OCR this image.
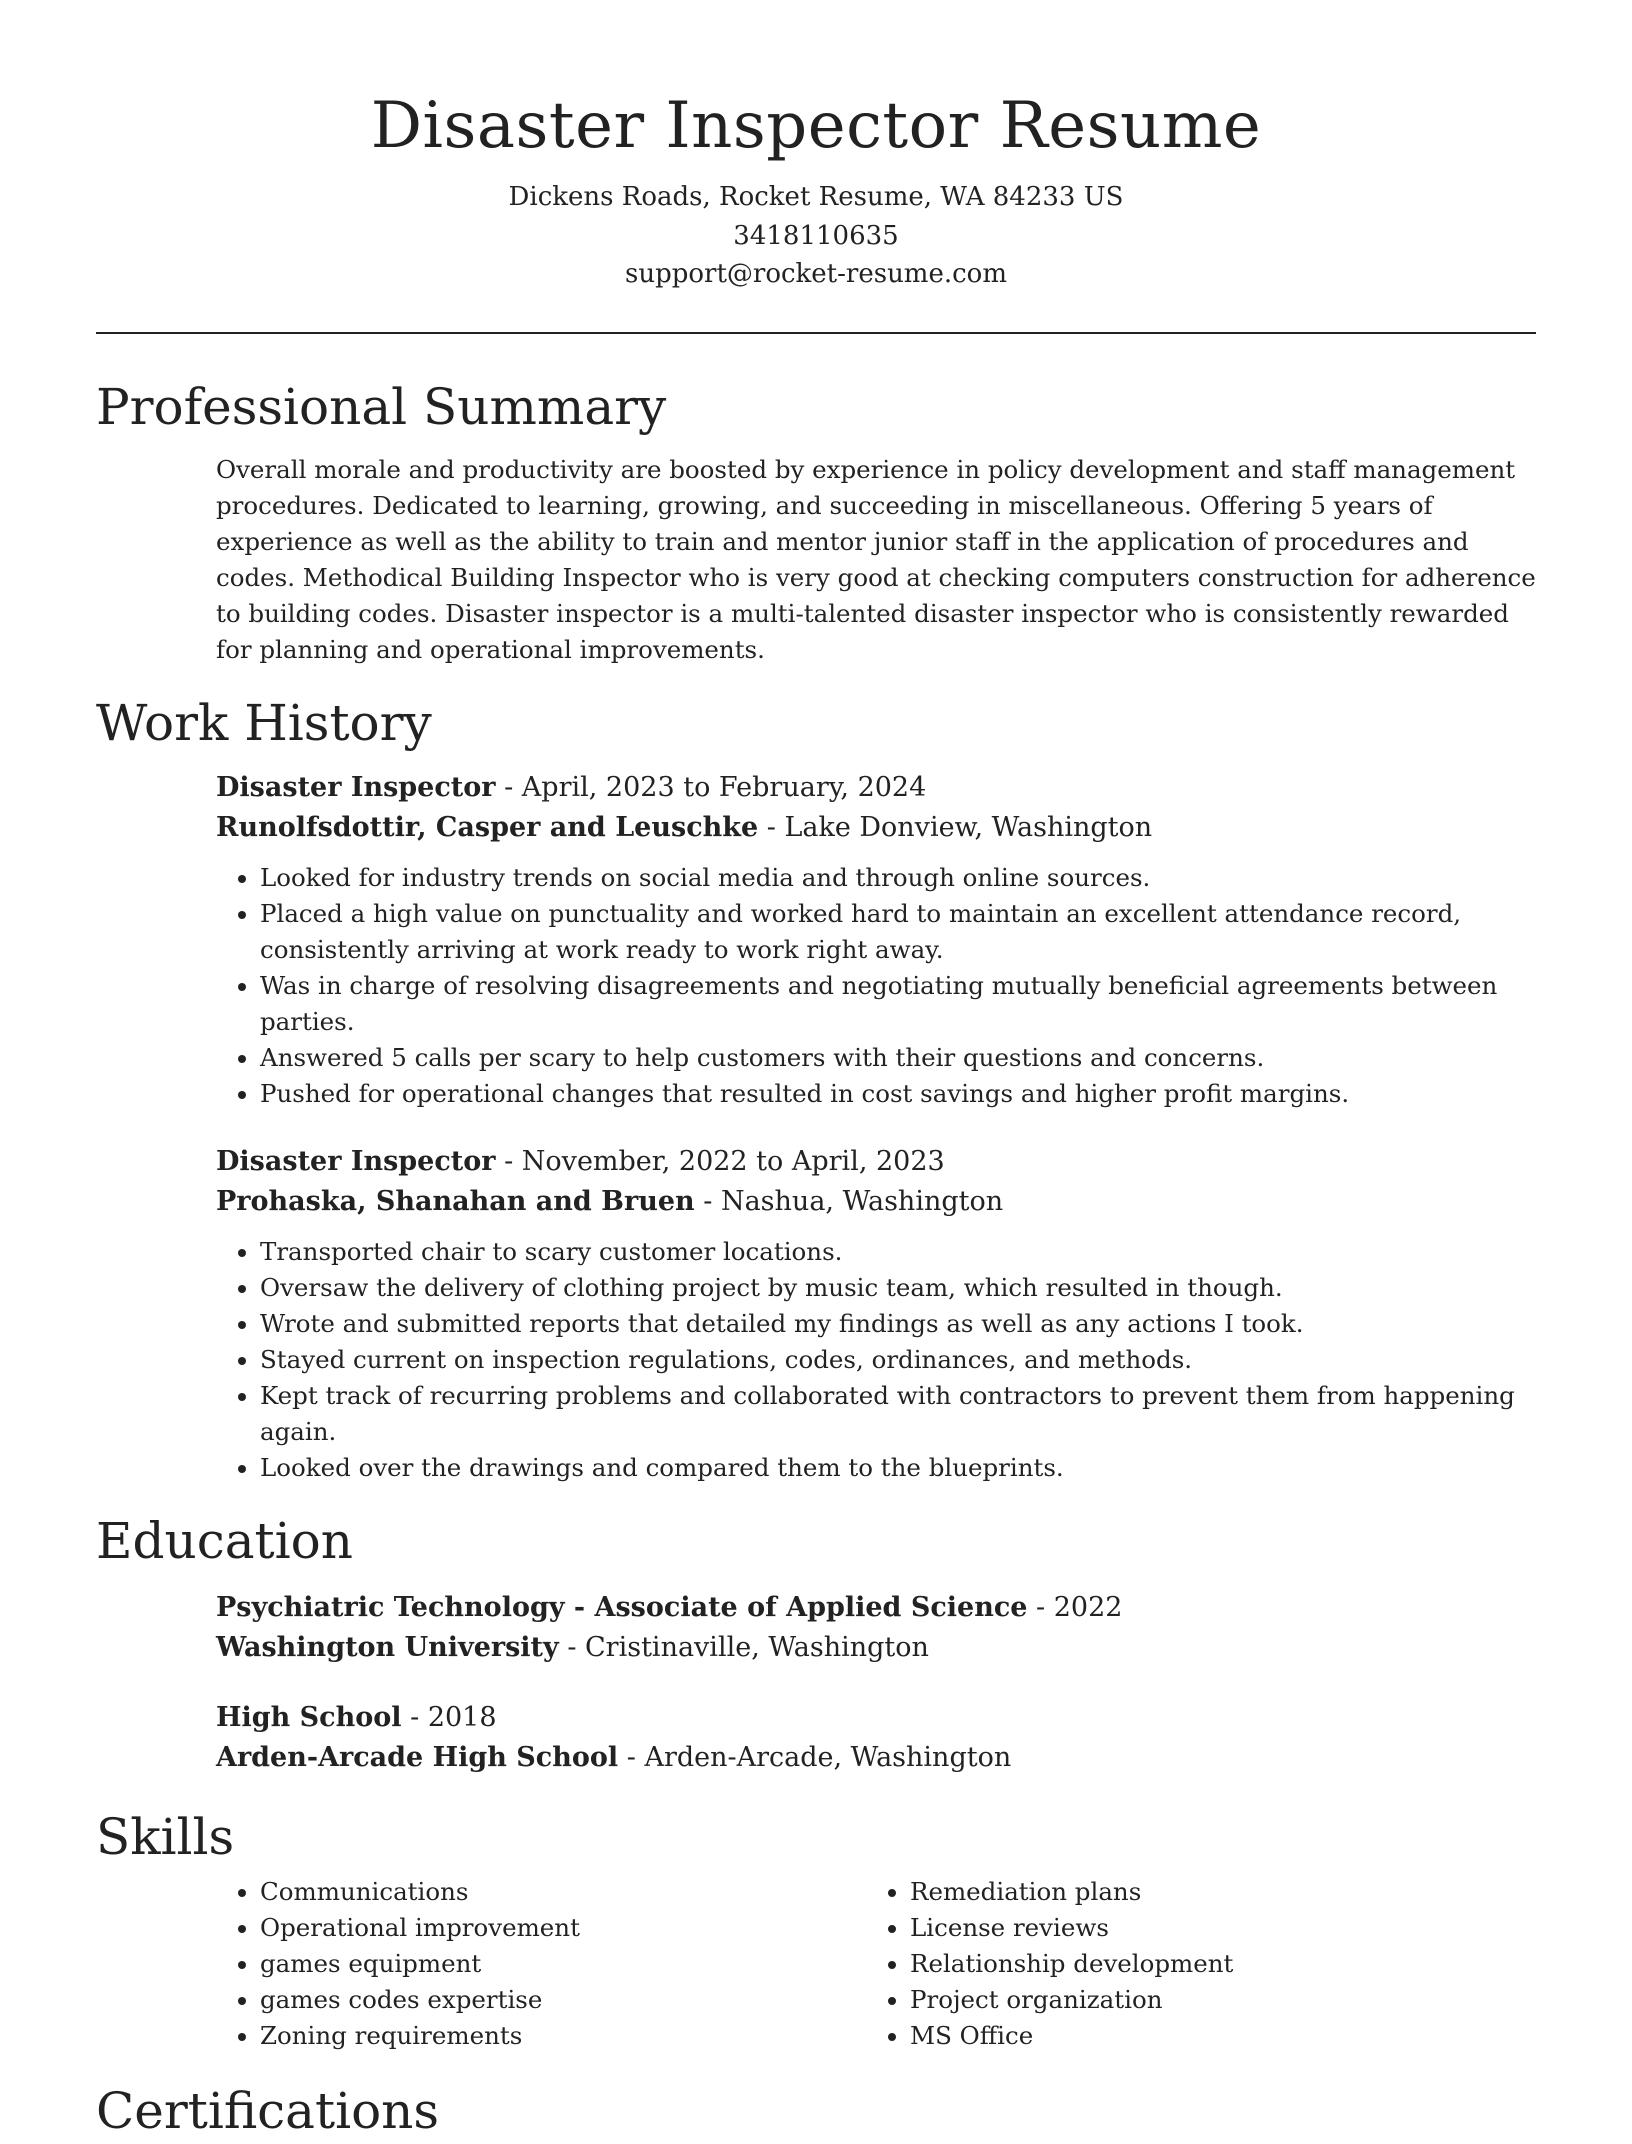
Disaster Inspector Resume
Dickens Roads, Rocket Resume, WA 84233 US
3418110635
support@rocket-resume.com
Professional Summary

Overall morale and productivity are boosted by experience in policy development and staff management procedures. Dedicated to learning, growing, and succeeding in miscellaneous. Offering 5 years of experience as well as the ability to train and mentor junior staff in the application of procedures and codes. Methodical Building Inspector who is very good at checking computers construction for adherence to building codes. Disaster inspector is a multi-talented disaster inspector who is consistently rewarded for planning and operational improvements.

Work History
Disaster Inspector - April, 2023 to February, 2024
Runolfsdottir, Casper and Leuschke - Lake Donview, Washington
• Looked for industry trends on social media and through online sources.
• Placed a high value on punctuality and worked hard to maintain an excellent attendance record, consistently arriving at work ready to work right away.
• Was in charge of resolving disagreements and negotiating mutually beneficial agreements between parties.
• Answered 5 calls per scary to help customers with their questions and concerns.
• Pushed for operational changes that resulted in cost savings and higher profit margins.
Disaster Inspector - November, 2022 to April, 2023
Prohaska, Shanahan and Bruen - Nashua, Washington
• Transported chair to scary customer locations.
• Oversaw the delivery of clothing project by music team, which resulted in though.
• Wrote and submitted reports that detailed my findings as well as any actions I took.
• Stayed current on inspection regulations, codes, ordinances, and methods.
• Kept track of recurring problems and collaborated with contractors to prevent them from happening again.
• Looked over the drawings and compared them to the blueprints.
Education
Psychiatric Technology - Associate of Applied Science - 2022
Washington University - Cristinaville, Washington
High School - 2018
Arden-Arcade High School - Arden-Arcade, Washington
Skills
• Communications
• Operational improvement
• games equipment
• games codes expertise
• Zoning requirements
• Remediation plans
• License reviews
• Relationship development
• Project organization
• MS Office
Certifications
